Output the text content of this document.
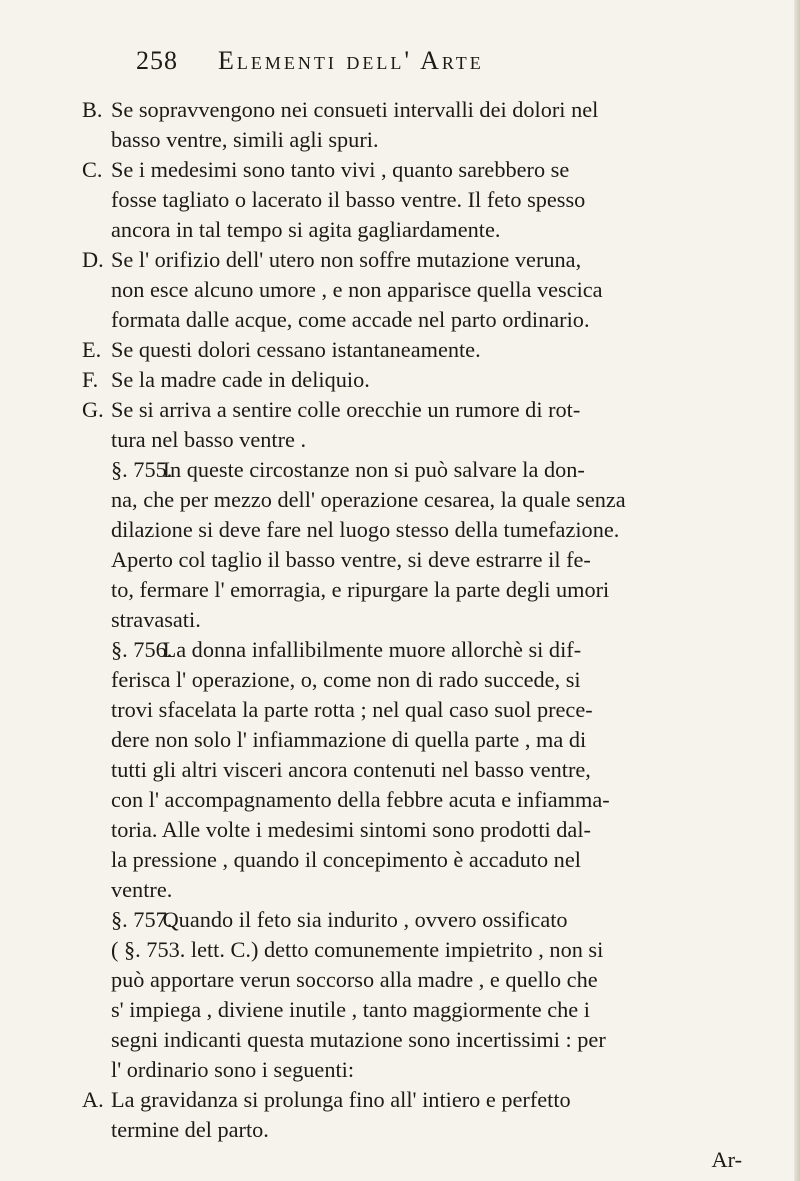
258 Elementi dell' Arte
B. Se sopravvengono nei consueti intervalli dei dolori nel
basso ventre, simili agli spuri.
C. Se i medesimi sono tanto vivi , quanto sarebbero se
fosse tagliato o lacerato il basso ventre. Il feto spesso
ancora in tal tempo si agita gagliardamente.
D. Se l' orifizio dell' utero non soffre mutazione veruna,
non esce alcuno umore , e non apparisce quella vescica
formata dalle acque, come accade nel parto ordinario.
E. Se questi dolori cessano istantaneamente.
F. Se la madre cade in deliquio.
G. Se si arriva a sentire colle orecchie un rumore di rot-
tura nel basso ventre .
§. 755. In queste circostanze non si può salvare la don-
na, che per mezzo dell' operazione cesarea, la quale senza
dilazione si deve fare nel luogo stesso della tumefazione.
Aperto col taglio il basso ventre, si deve estrarre il fe-
to, fermare l' emorragia, e ripurgare la parte degli umori
stravasati.
§. 756. La donna infallibilmente muore allorchè si dif-
ferisca l' operazione, o, come non di rado succede, si
trovi sfacelata la parte rotta ; nel qual caso suol prece-
dere non solo l' infiammazione di quella parte , ma di
tutti gli altri visceri ancora contenuti nel basso ventre,
con l' accompagnamento della febbre acuta e infiamma-
toria. Alle volte i medesimi sintomi sono prodotti dal-
la pressione , quando il concepimento è accaduto nel
ventre.
§. 757. Quando il feto sia indurito , ovvero ossificato
( §. 753. lett. C.) detto comunemente impietrito , non si
può apportare verun soccorso alla madre , e quello che
s' impiega , diviene inutile , tanto maggiormente che i
segni indicanti questa mutazione sono incertissimi : per
l' ordinario sono i seguenti:
A. La gravidanza si prolunga fino all' intiero e perfetto
termine del parto.
Ar-
